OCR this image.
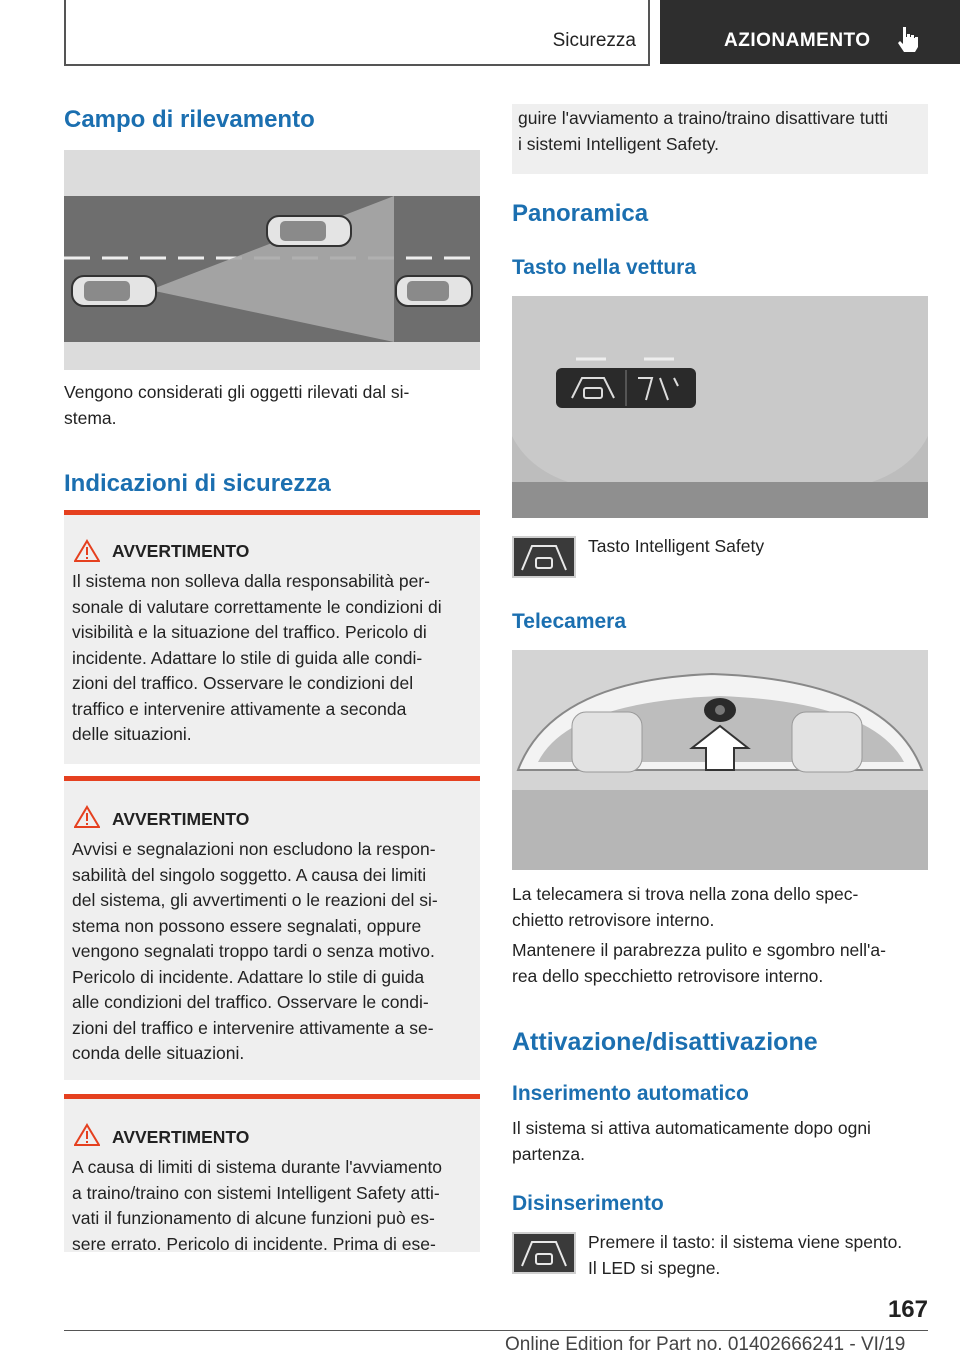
Sicurezza	AZIONAMENTO
Campo di rilevamento
Vengono considerati gli oggetti rilevati dal si-
stema.
Indicazioni di sicurezza
AVVERTIMENTO
Il sistema non solleva dalla responsabilità per-
sonale di valutare correttamente le condizioni di
visibilità e la situazione del traffico. Pericolo di
incidente. Adattare lo stile di guida alle condi-
zioni del traffico. Osservare le condizioni del
traffico e intervenire attivamente a seconda
delle situazioni.
AVVERTIMENTO
Avvisi e segnalazioni non escludono la respon-
sabilità del singolo soggetto. A causa dei limiti
del sistema, gli avvertimenti o le reazioni del si-
stema non possono essere segnalati, oppure
vengono segnalati troppo tardi o senza motivo.
Pericolo di incidente. Adattare lo stile di guida
alle condizioni del traffico. Osservare le condi-
zioni del traffico e intervenire attivamente a se-
conda delle situazioni.
AVVERTIMENTO
A causa di limiti di sistema durante l'avviamento
a traino/traino con sistemi Intelligent Safety atti-
vati il funzionamento di alcune funzioni può es-
sere errato. Pericolo di incidente. Prima di ese-
guire l'avviamento a traino/traino disattivare tutti
i sistemi Intelligent Safety.
Panoramica
Tasto nella vettura
Tasto Intelligent Safety
Telecamera
La telecamera si trova nella zona dello spec-
chietto retrovisore interno.
Mantenere il parabrezza pulito e sgombro nell'a-
rea dello specchietto retrovisore interno.
Attivazione/disattivazione
Inserimento automatico
Il sistema si attiva automaticamente dopo ogni
partenza.
Disinserimento
Premere il tasto: il sistema viene spento.
Il LED si spegne.
167
Online Edition for Part no. 01402666241 - VI/19
